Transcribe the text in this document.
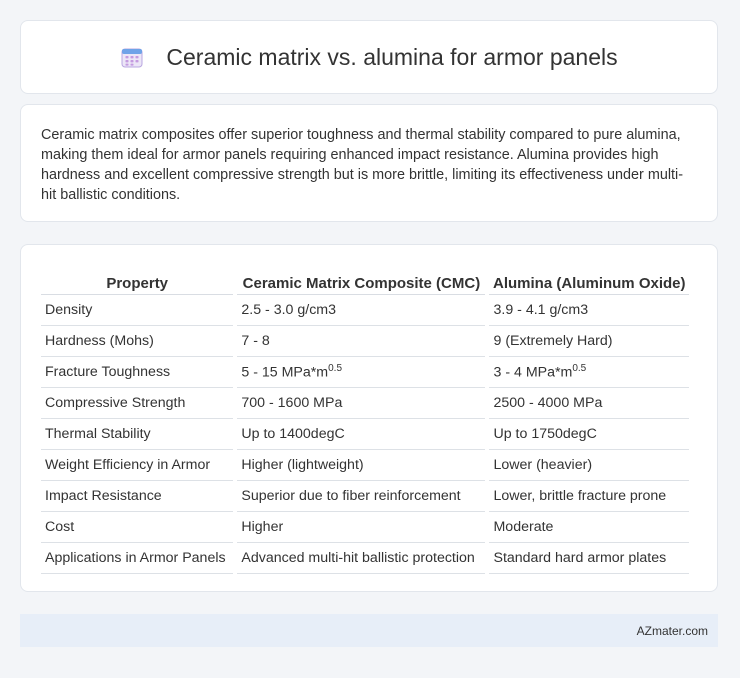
Ceramic matrix vs. alumina for armor panels

Ceramic matrix composites offer superior toughness and thermal stability compared to pure alumina, making them ideal for armor panels requiring enhanced impact resistance. Alumina provides high hardness and excellent compressive strength but is more brittle, limiting its effectiveness under multi-hit ballistic conditions.

Property	Ceramic Matrix Composite (CMC)	Alumina (Aluminum Oxide)
Density	2.5 - 3.0 g/cm3	3.9 - 4.1 g/cm3
Hardness (Mohs)	7 - 8	9 (Extremely Hard)
Fracture Toughness	5 - 15 $MPa*m^{0.5}$	3 - 4 $MPa*m^{0.5}$
Compressive Strength	700 - 1600 MPa	2500 - 4000 MPa
Thermal Stability	Up to 1400degC	Up to 1750degC
Weight Efficiency in Armor	Higher (lightweight)	Lower (heavier)
Impact Resistance	Superior due to fiber reinforcement	Lower, brittle fracture prone
Cost	Higher	Moderate
Applications in Armor Panels	Advanced multi-hit ballistic protection	Standard hard armor plates
AZmater.com
